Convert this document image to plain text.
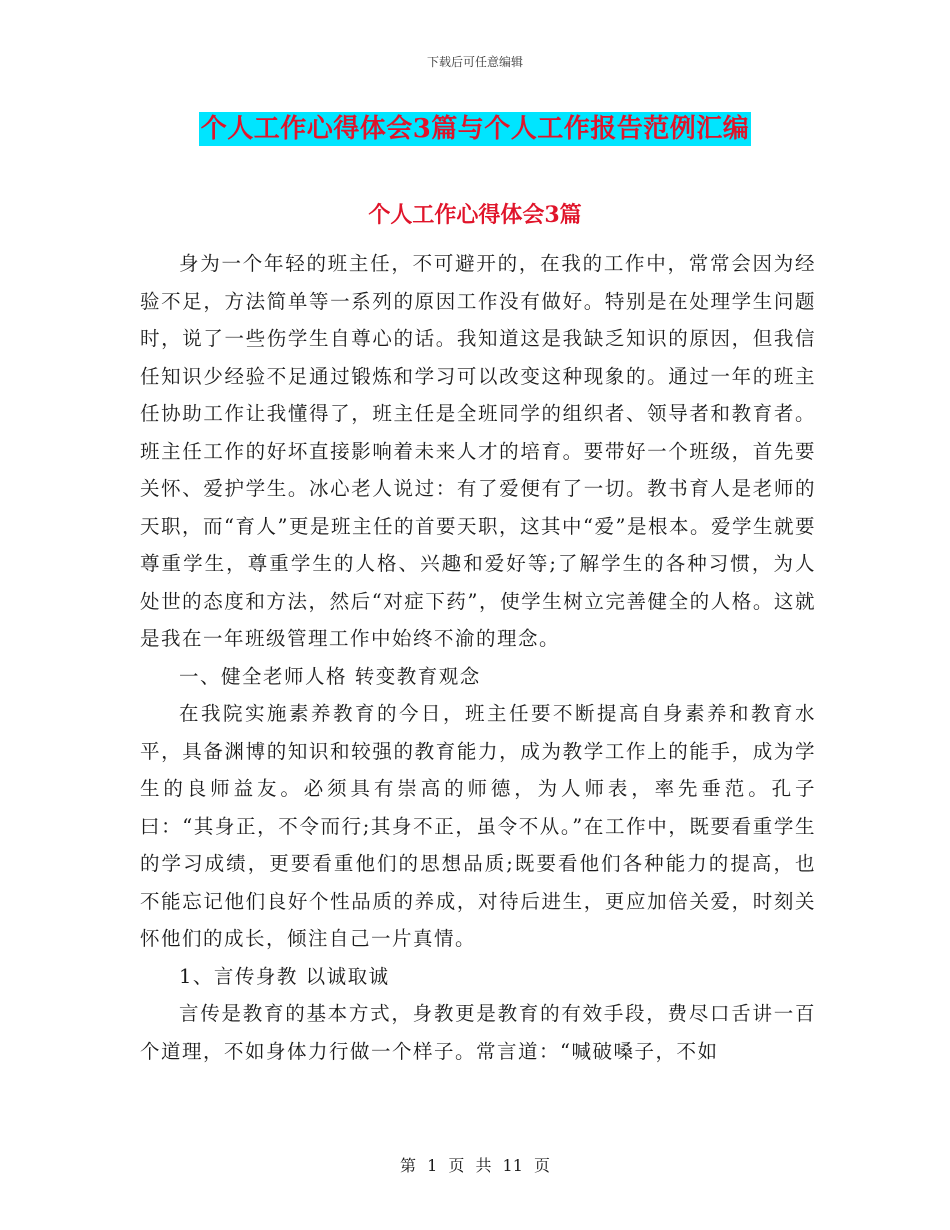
下载后可任意编辑
个人工作心得体会3篇与个人工作报告范例汇编
个人工作心得体会3篇

身为一个年轻的班主任，不可避开的，在我的工作中，常常会因为经验不足，方法简单等一系列的原因工作没有做好。特别是在处理学生问题时，说了一些伤学生自尊心的话。我知道这是我缺乏知识的原因，但我信任知识少经验不足通过锻炼和学习可以改变这种现象的。通过一年的班主任协助工作让我懂得了，班主任是全班同学的组织者、领导者和教育者。班主任工作的好坏直接影响着未来人才的培育。要带好一个班级，首先要关怀、爱护学生。冰心老人说过：有了爱便有了一切。教书育人是老师的天职，而“育人”更是班主任的首要天职，这其中“爱”是根本。爱学生就要尊重学生，尊重学生的人格、兴趣和爱好等;了解学生的各种习惯，为人处世的态度和方法，然后“对症下药”，使学生树立完善健全的人格。这就是我在一年班级管理工作中始终不渝的理念。

一、健全老师人格 转变教育观念

在我院实施素养教育的今日，班主任要不断提高自身素养和教育水平，具备渊博的知识和较强的教育能力，成为教学工作上的能手，成为学生的良师益友。必须具有崇高的师德，为人师表，率先垂范。孔子曰：“其身正，不令而行;其身不正，虽令不从。”在工作中，既要看重学生的学习成绩，更要看重他们的思想品质;既要看他们各种能力的提高，也不能忘记他们良好个性品质的养成，对待后进生，更应加倍关爱，时刻关怀他们的成长，倾注自己一片真情。

1、言传身教 以诚取诚

言传是教育的基本方式，身教更是教育的有效手段，费尽口舌讲一百个道理，不如身体力行做一个样子。常言道：“喊破嗓子，不如

第 1 页 共 11 页
